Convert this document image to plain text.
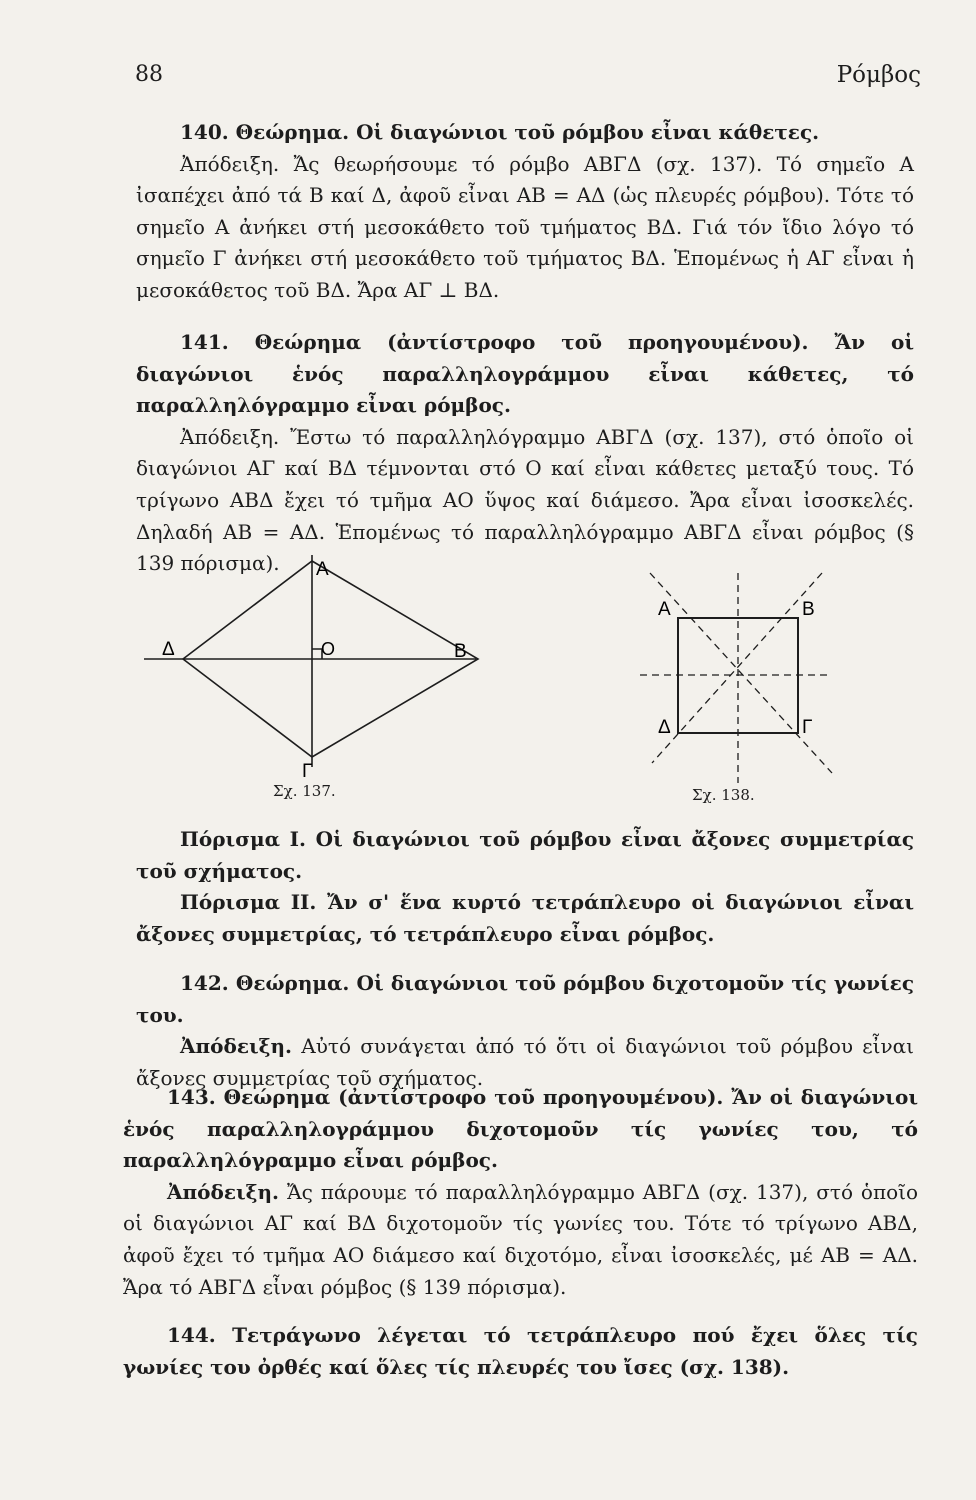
88	Ρόμβος

140. Θεώρημα. Οἱ διαγώνιοι τοῦ ρόμβου εἶναι κάθετες.

Ἀπόδειξη. Ἄς θεωρήσουμε τό ρόμβο ΑΒΓΔ (σχ. 137). Τό σημεῖο Α ἰσαπέχει ἀπό τά Β καί Δ, ἀφοῦ εἶναι ΑΒ = ΑΔ (ὡς πλευρές ρόμβου). Τότε τό σημεῖο Α ἀνήκει στή μεσοκάθετο τοῦ τμήματος ΒΔ. Γιά τόν ἴδιο λόγο τό σημεῖο Γ ἀνήκει στή μεσοκάθετο τοῦ τμήματος ΒΔ. Ἑπομένως ἡ ΑΓ εἶναι ἡ μεσοκάθετος τοῦ ΒΔ. Ἄρα ΑΓ ⊥ ΒΔ.

141. Θεώρημα (ἀντίστροφο τοῦ προηγουμένου). Ἄν οἱ διαγώνιοι ἑνός παραλληλογράμμου εἶναι κάθετες, τό παραλληλόγραμμο εἶναι ρόμβος.

Ἀπόδειξη. Ἔστω τό παραλληλόγραμμο ΑΒΓΔ (σχ. 137), στό ὁποῖο οἱ διαγώνιοι ΑΓ καί ΒΔ τέμνονται στό Ο καί εἶναι κάθετες μεταξύ τους. Τό τρίγωνο ΑΒΔ ἔχει τό τμῆμα ΑΟ ὕψος καί διάμεσο. Ἄρα εἶναι ἰσοσκελές. Δηλαδή ΑΒ = ΑΔ. Ἑπομένως τό παραλληλόγραμμο ΑΒΓΔ εἶναι ρόμβος (§ 139 πόρισμα).	Α
Β
Γ
Δ	Ο
Σχ. 137.
Α	Β
Γ
Δ
Σχ. 138.

Πόρισμα I. Οἱ διαγώνιοι τοῦ ρόμβου εἶναι ἄξονες συμμετρίας τοῦ σχήματος.

Πόρισμα II. Ἄν σ' ἕνα κυρτό τετράπλευρο οἱ διαγώνιοι εἶναι ἄξονες συμμετρίας, τό τετράπλευρο εἶναι ρόμβος.

142. Θεώρημα. Οἱ διαγώνιοι τοῦ ρόμβου διχοτομοῦν τίς γωνίες του.

Ἀπόδειξη. Αὐτό συνάγεται ἀπό τό ὅτι οἱ διαγώνιοι τοῦ ρόμβου εἶναι ἄξονες συμμετρίας τοῦ σχήματος.

143. Θεώρημα (ἀντίστροφο τοῦ προηγουμένου). Ἄν οἱ διαγώνιοι ἑνός παραλληλογράμμου διχοτομοῦν τίς γωνίες του, τό παραλληλόγραμμο εἶναι ρόμβος.

Ἀπόδειξη. Ἄς πάρουμε τό παραλληλόγραμμο ΑΒΓΔ (σχ. 137), στό ὁποῖο οἱ διαγώνιοι ΑΓ καί ΒΔ διχοτομοῦν τίς γωνίες του. Τότε τό τρίγωνο ΑΒΔ, ἀφοῦ ἔχει τό τμῆμα ΑΟ διάμεσο καί διχοτόμο, εἶναι ἰσοσκελές, μέ ΑΒ = ΑΔ. Ἄρα τό ΑΒΓΔ εἶναι ρόμβος (§ 139 πόρισμα).

144. Τετράγωνο λέγεται τό τετράπλευρο πού ἔχει ὅλες τίς γωνίες του ὀρθές καί ὅλες τίς πλευρές του ἴσες (σχ. 138).
